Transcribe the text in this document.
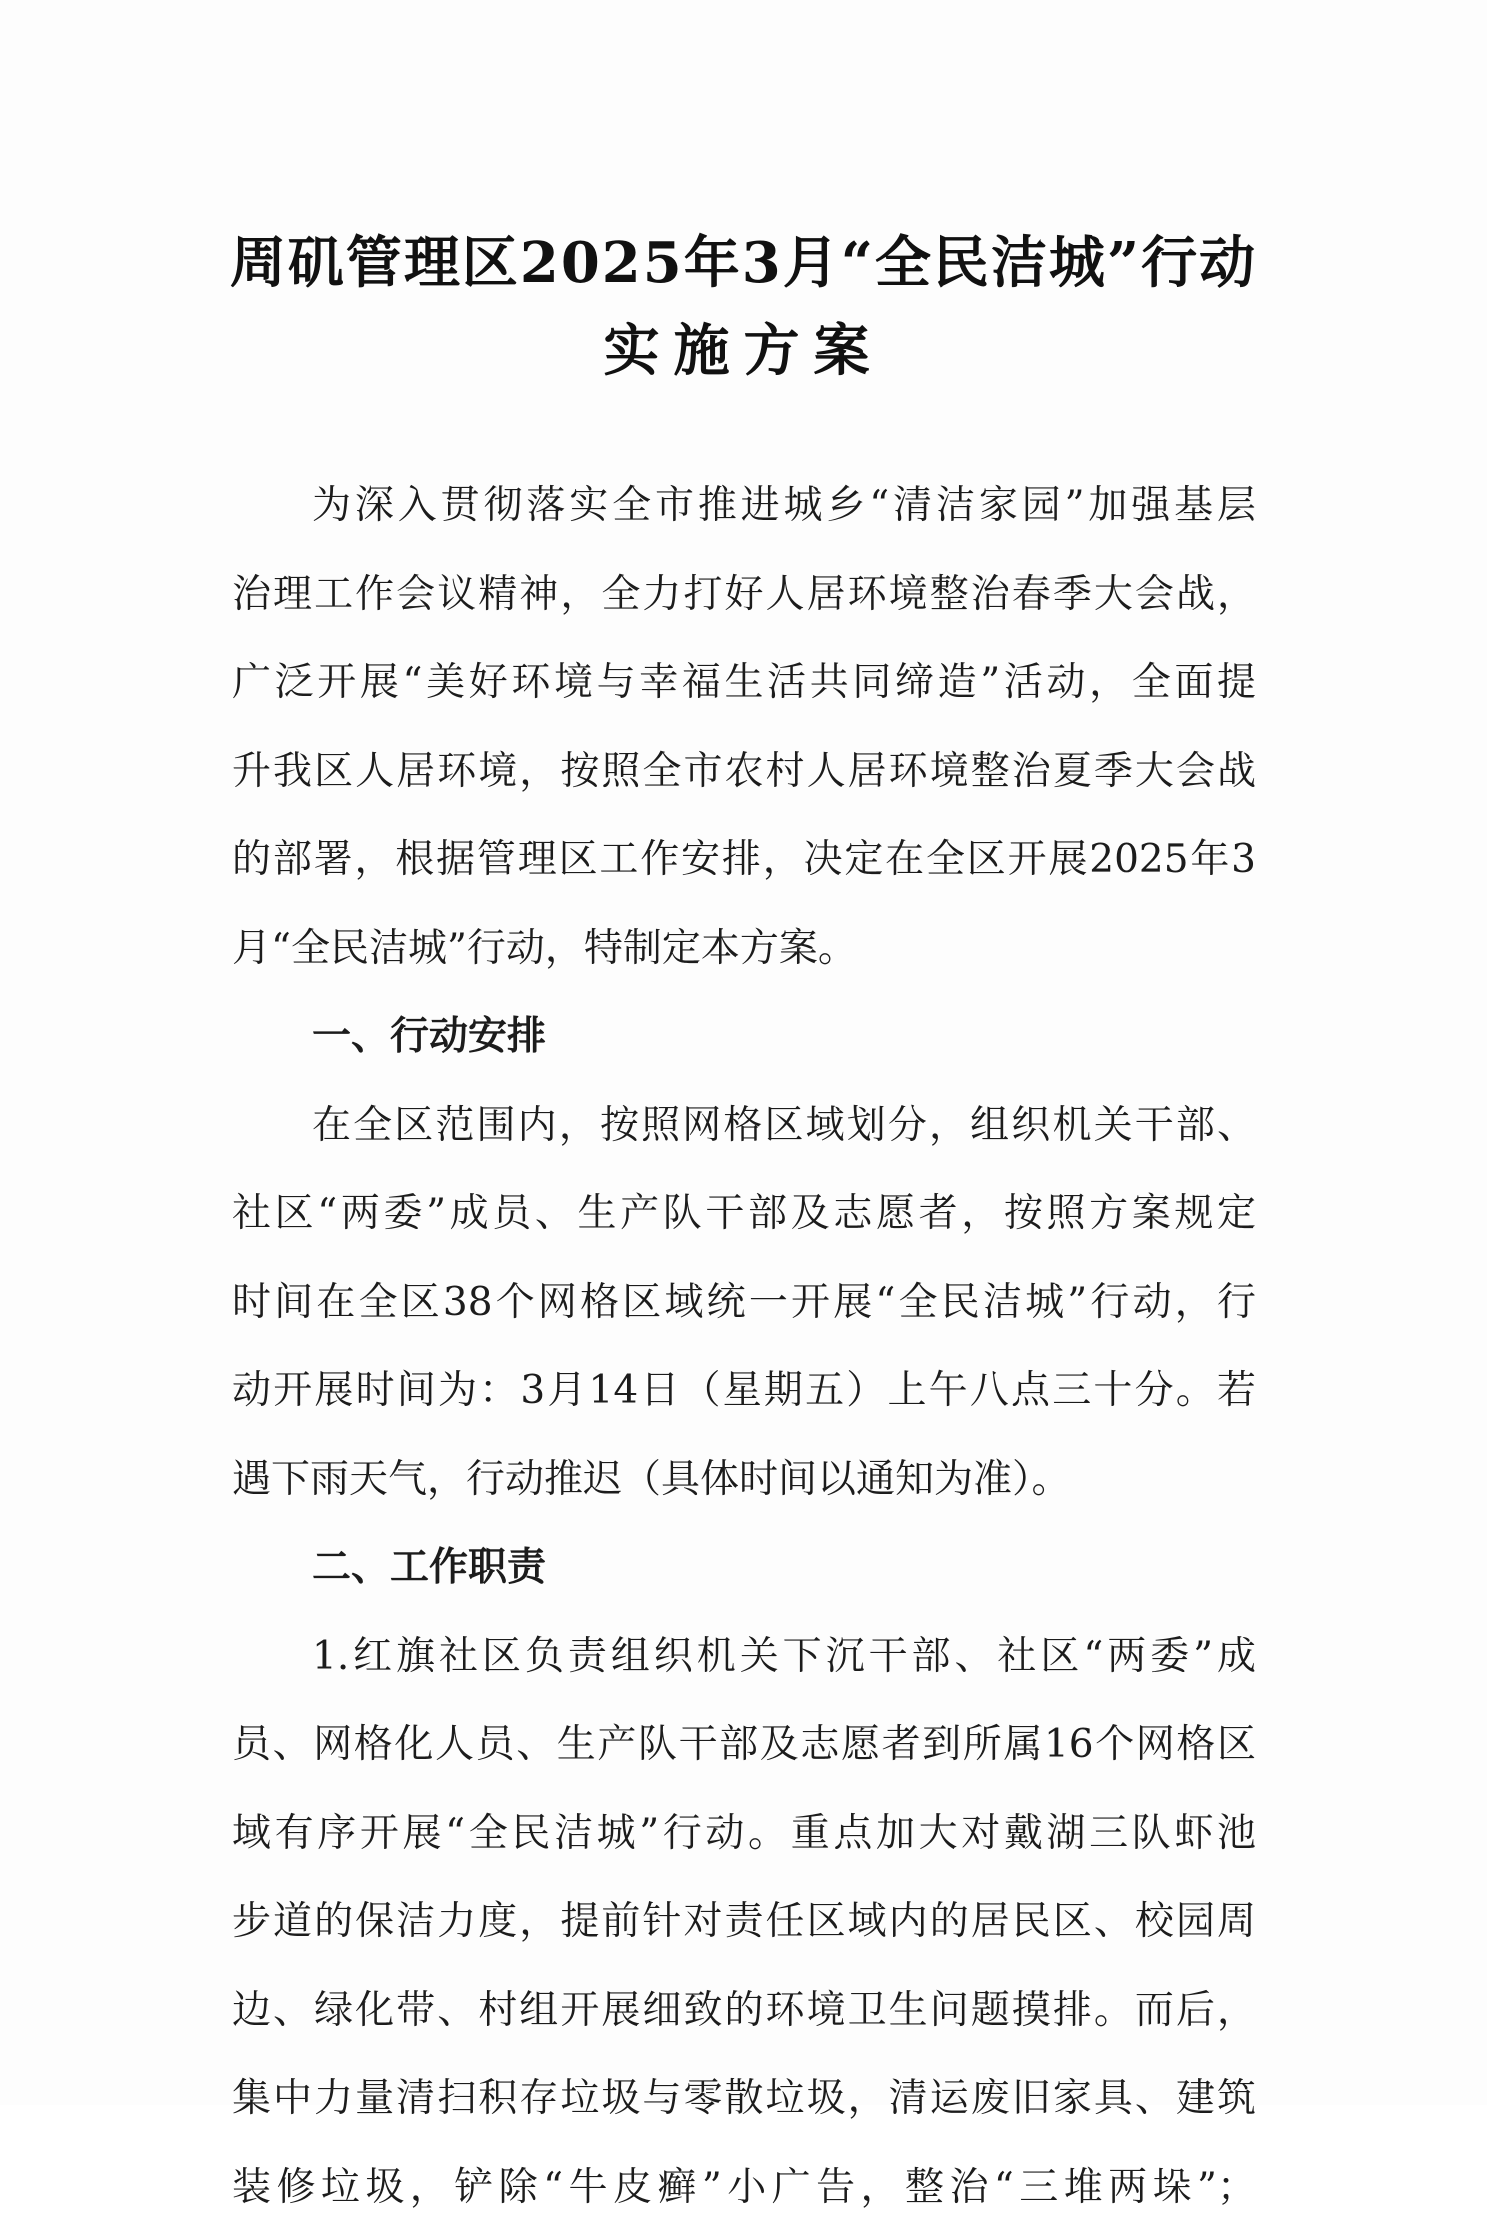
周矶管理区2025年3月“全民洁城”行动
实施方案
为深入贯彻落实全市推进城乡“清洁家园”加强基层
治理工作会议精神，全力打好人居环境整治春季大会战，
广泛开展“美好环境与幸福生活共同缔造”活动，全面提
升我区人居环境，按照全市农村人居环境整治夏季大会战
的部署，根据管理区工作安排，决定在全区开展2025年3
月“全民洁城”行动，特制定本方案。
一、行动安排
在全区范围内，按照网格区域划分，组织机关干部、
社区“两委”成员、生产队干部及志愿者，按照方案规定
时间在全区38个网格区域统一开展“全民洁城”行动，行
动开展时间为：3月14日（星期五）上午八点三十分。若
遇下雨天气，行动推迟（具体时间以通知为准）。
二、工作职责
1.红旗社区负责组织机关下沉干部、社区“两委”成
员、网格化人员、生产队干部及志愿者到所属16个网格区
域有序开展“全民洁城”行动。重点加大对戴湖三队虾池
步道的保洁力度，提前针对责任区域内的居民区、校园周
边、绿化带、村组开展细致的环境卫生问题摸排。而后，
集中力量清扫积存垃圾与零散垃圾，清运废旧家具、建筑
装修垃圾，铲除“牛皮癣”小广告，整治“三堆两垛”；
